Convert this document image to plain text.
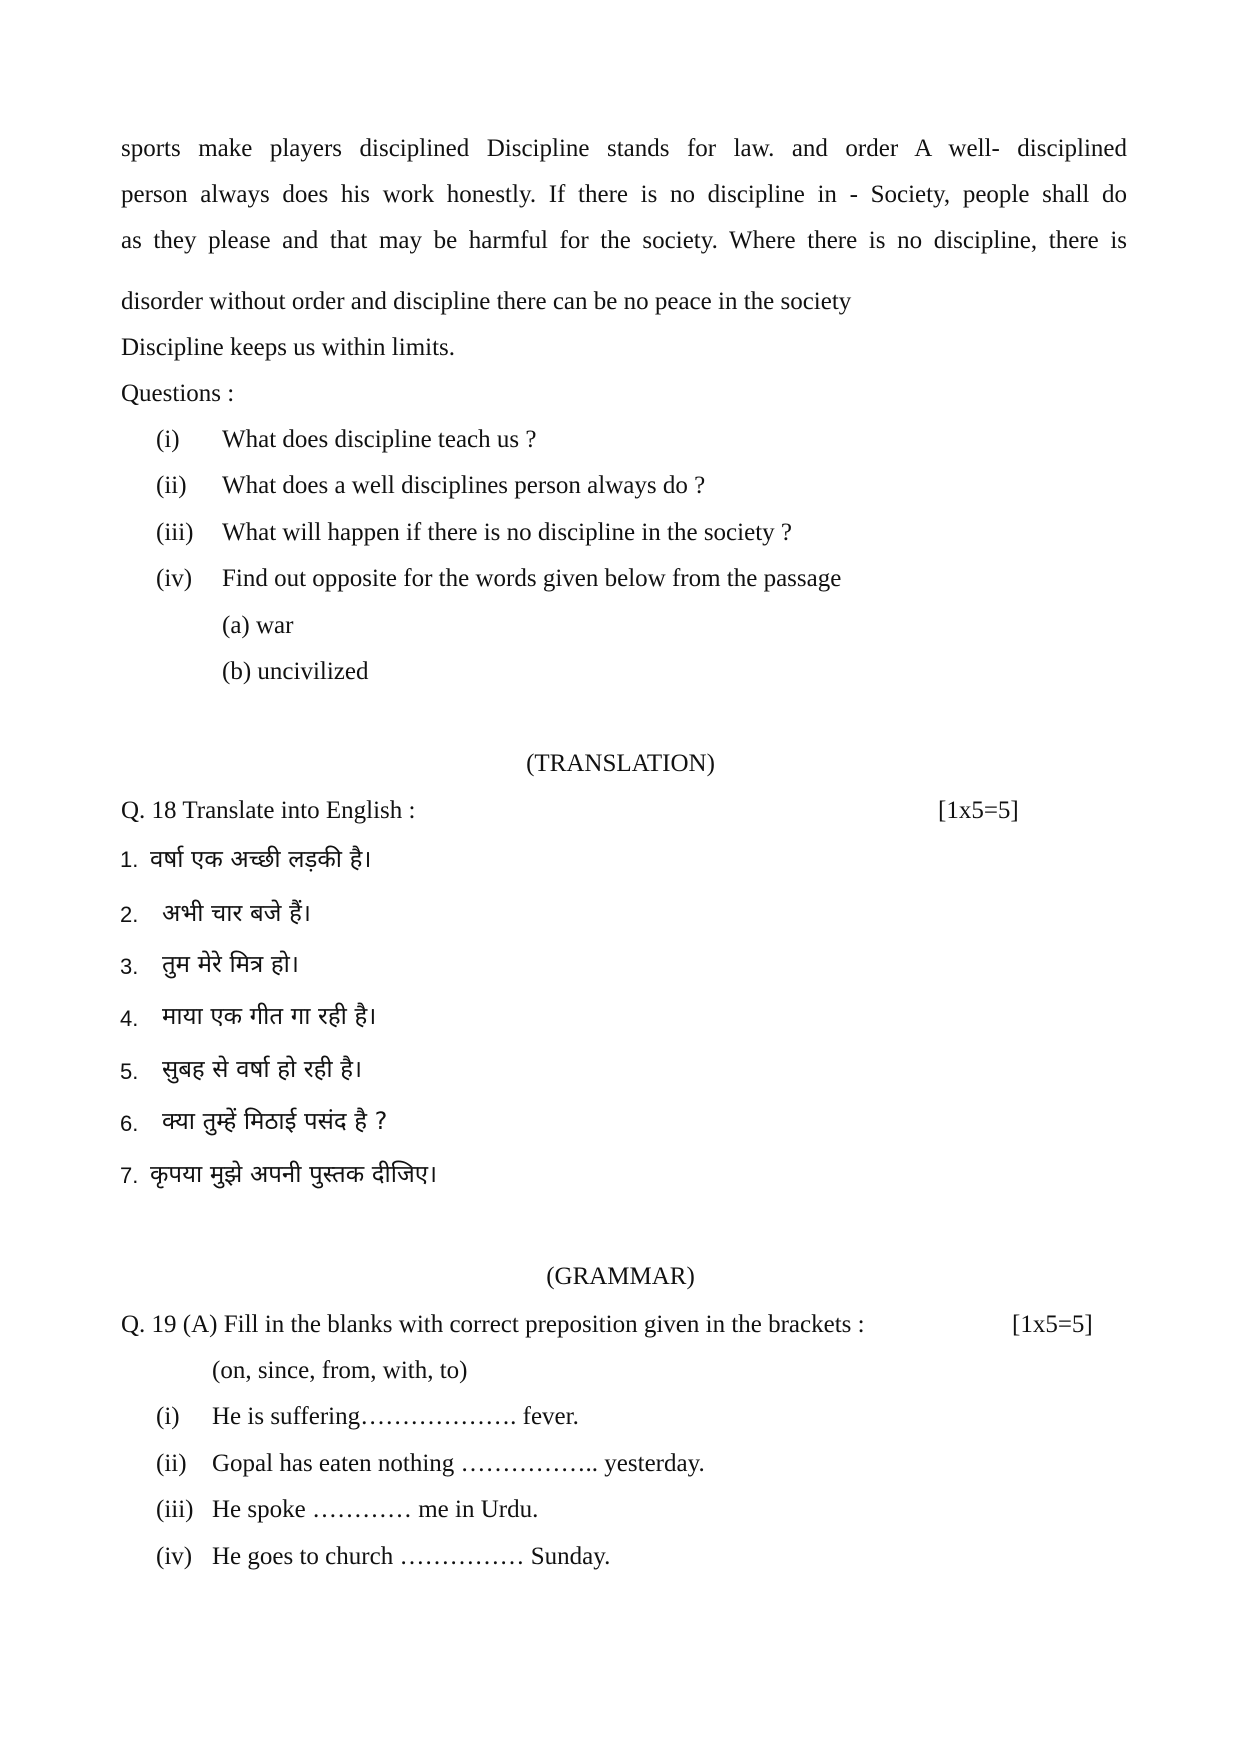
sports make players disciplined Discipline stands for law. and order A well- disciplined
person always does his work honestly. If there is no discipline in - Society, people shall do
as they please and that may be harmful for the society. Where there is no discipline, there is
disorder without order and discipline there can be no peace in the society
Discipline keeps us within limits.
Questions :
(i) What does discipline teach us ?
(ii) What does a well disciplines person always do ?
(iii) What will happen if there is no discipline in the society ?
(iv) Find out opposite for the words given below from the passage
(a) war
(b) uncivilized
(TRANSLATION)
Q. 18 Translate into English :	[1x5=5]
1. वर्षा एक अच्छी लड़की है।
2. अभी चार बजे हैं।
3. तुम मेरे मित्र हो।
4. माया एक गीत गा रही है।
5. सुबह से वर्षा हो रही है।
6. क्या तुम्हें मिठाई पसंद है ?
7. कृपया मुझे अपनी पुस्तक दीजिए।
(GRAMMAR)
Q. 19 (A) Fill in the blanks with correct preposition given in the brackets :	[1x5=5]
(on, since, from, with, to)
(i) He is suffering………………. fever.
(ii) Gopal has eaten nothing …………….. yesterday.
(iii) He spoke ………… me in Urdu.
(iv) He goes to church …………… Sunday.
